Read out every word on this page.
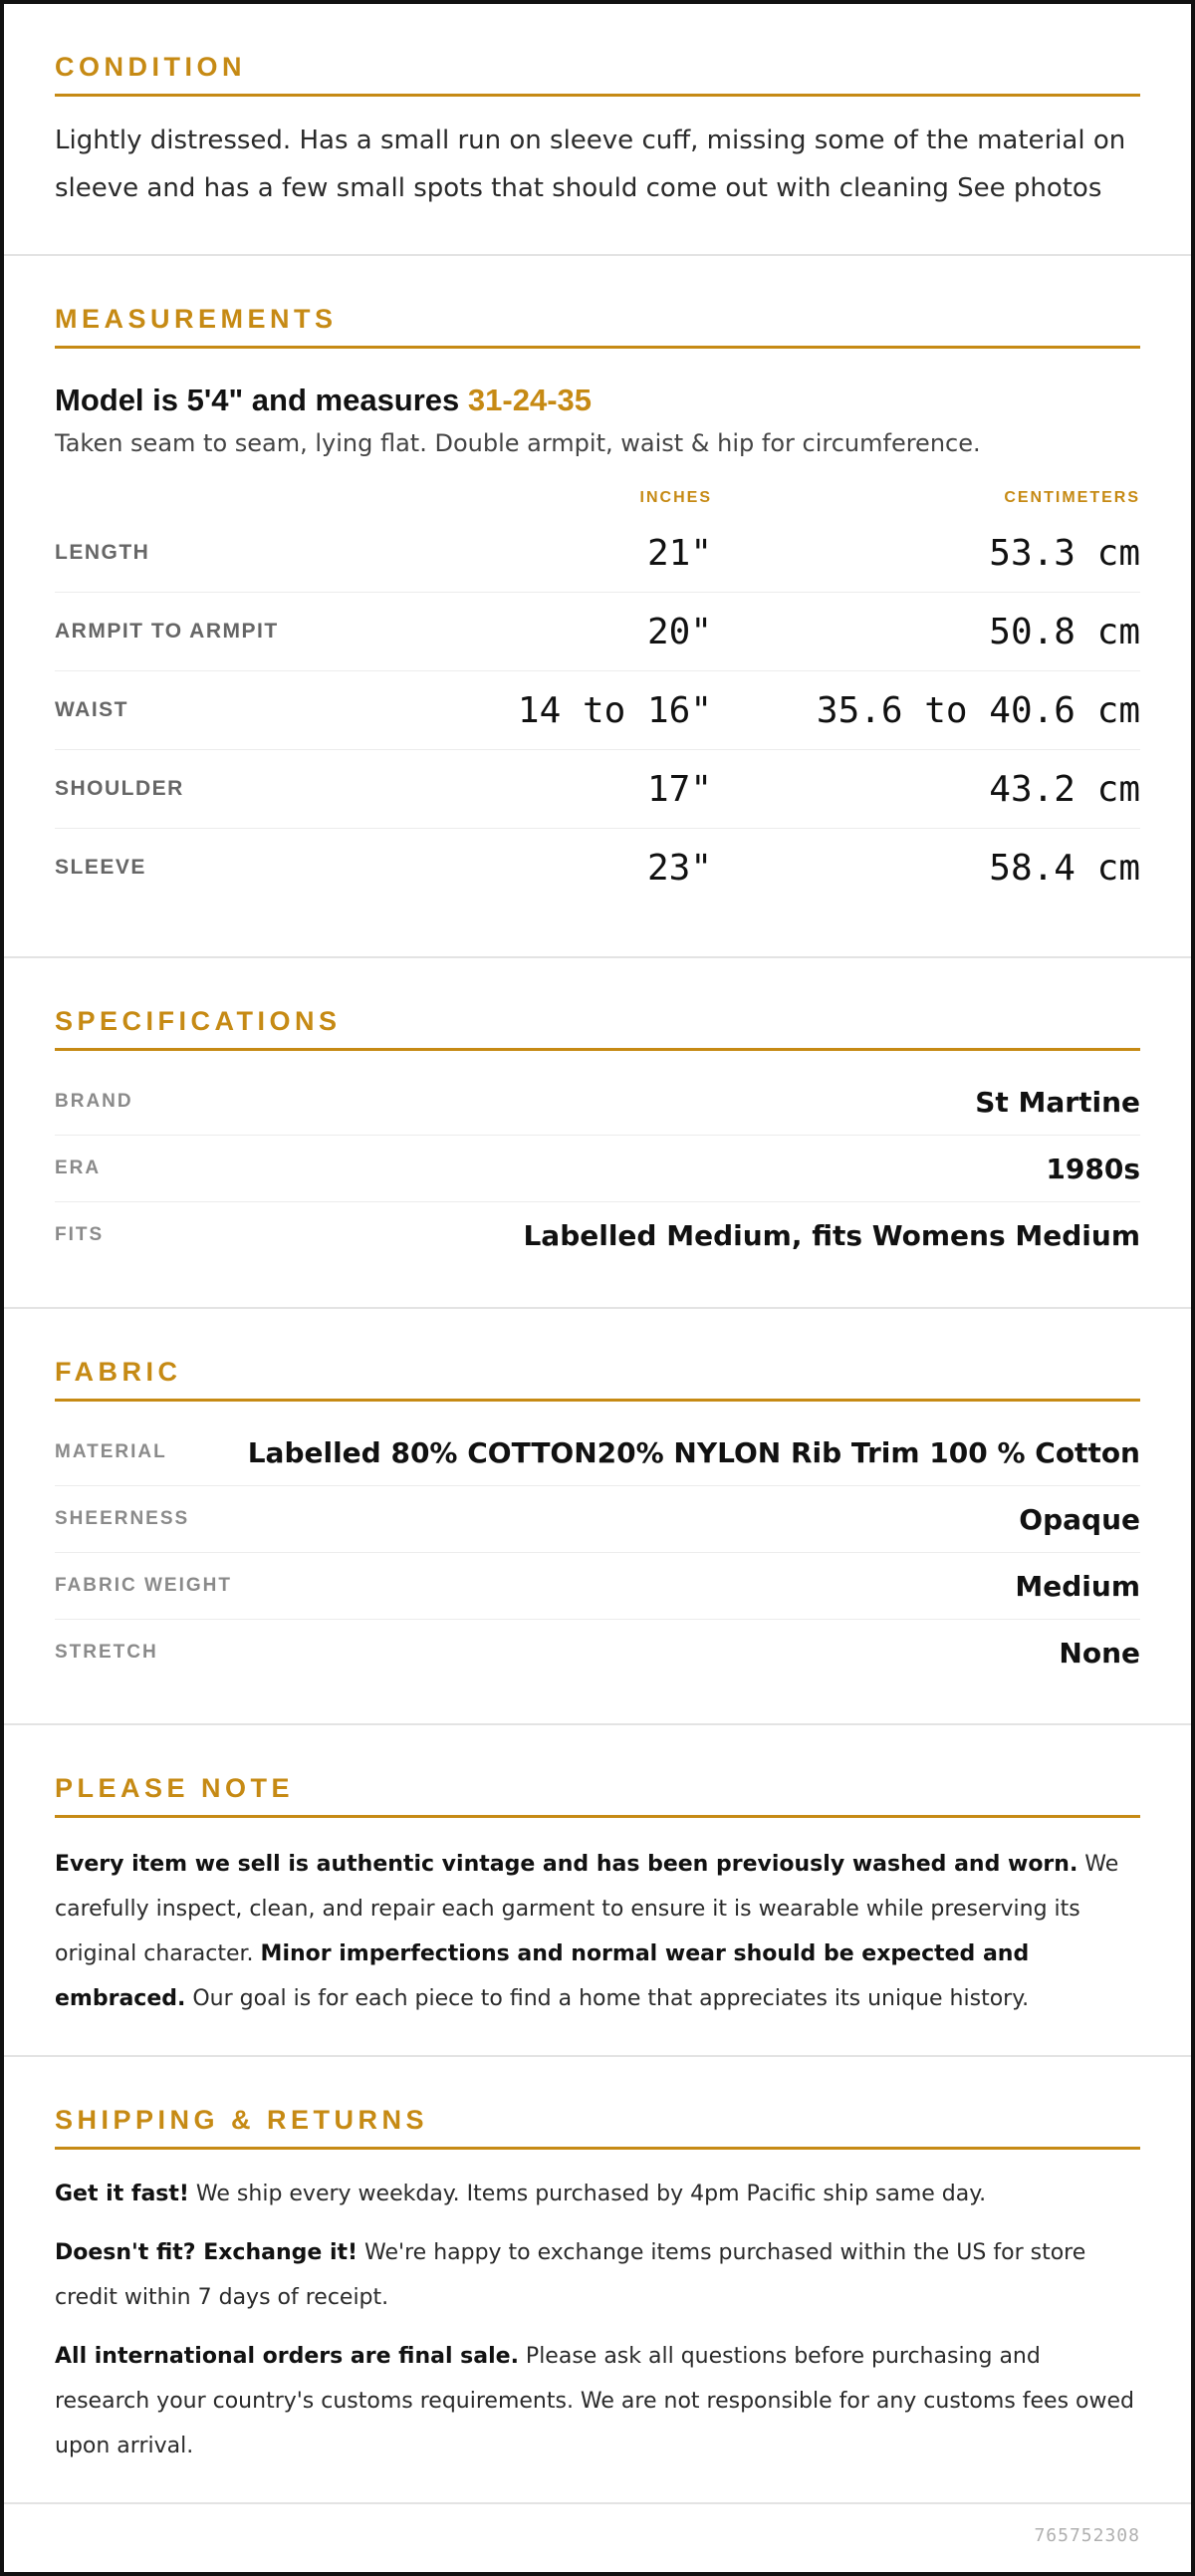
CONDITION

Lightly distressed. Has a small run on sleeve cuff, missing some of the material on sleeve and has a few small spots that should come out with cleaning See photos

MEASUREMENTS

Model is 5'4" and measures 31-24-35

Taken seam to seam, lying flat. Double armpit, waist & hip for circumference.

INCHES	CENTIMETERS
LENGTH	21"	53.3 cm
ARMPIT TO ARMPIT	20"	50.8 cm
WAIST	14 to 16"	35.6 to 40.6 cm
SHOULDER	17"	43.2 cm
SLEEVE	23"	58.4 cm
SPECIFICATIONS
BRAND	St Martine
ERA	1980s
FITS	Labelled Medium, fits Womens Medium
FABRIC
MATERIAL	Labelled 80% COTTON20% NYLON Rib Trim 100 % Cotton
SHEERNESS	Opaque
FABRIC WEIGHT	Medium
STRETCH	None
PLEASE NOTE

Every item we sell is authentic vintage and has been previously washed and worn. We carefully inspect, clean, and repair each garment to ensure it is wearable while preserving its original character. Minor imperfections and normal wear should be expected and embraced. Our goal is for each piece to find a home that appreciates its unique history.

SHIPPING & RETURNS

Get it fast! We ship every weekday. Items purchased by 4pm Pacific ship same day.

Doesn't fit? Exchange it! We're happy to exchange items purchased within the US for store credit within 7 days of receipt.

All international orders are final sale. Please ask all questions before purchasing and research your country's customs requirements. We are not responsible for any customs fees owed upon arrival.

765752308
